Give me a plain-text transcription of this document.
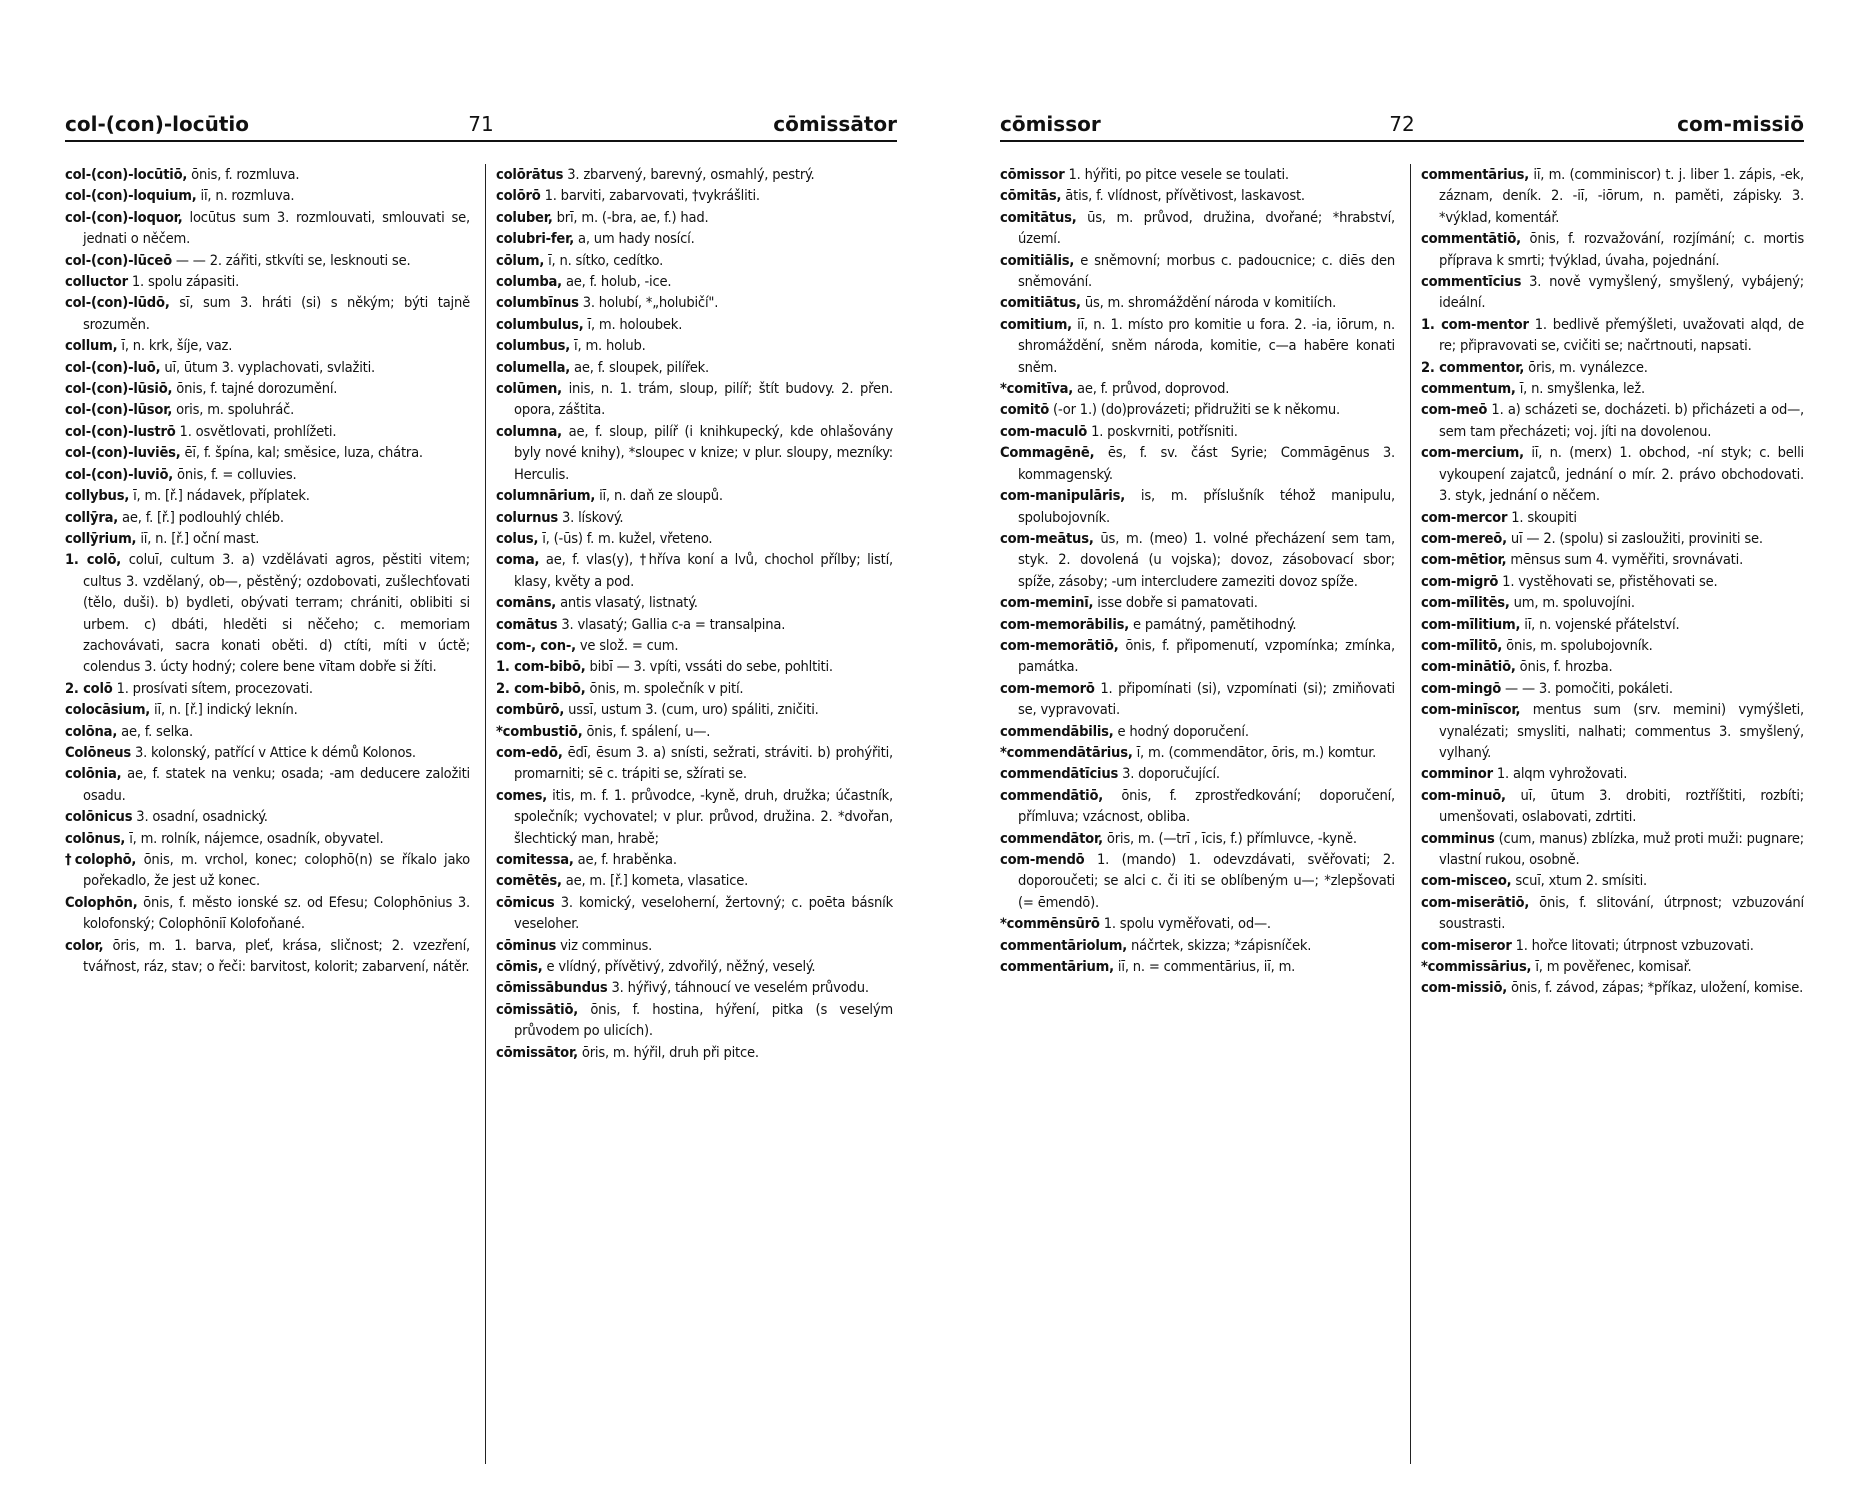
col-(con)-locūtio	71	cōmissātor

col-(con)-locūtiō, ōnis, f. rozmluva.

col-(con)-loquium, iī, n. rozmluva.

col-(con)-loquor, locūtus sum 3. rozmlouvati, smlouvati se, jednati o něčem.

col-(con)-lūceō — — 2. zářiti, stkvíti se, lesknouti se.

colluctor 1. spolu zápasiti.

col-(con)-lūdō, sī, sum 3. hráti (si) s někým; býti tajně srozuměn.

collum, ī, n. krk, šíje, vaz.

col-(con)-luō, uī, ūtum 3. vyplachovati, svlažiti.

col-(con)-lūsiō, ōnis, f. tajné dorozumění.

col-(con)-lūsor, oris, m. spoluhráč.

col-(con)-lustrō 1. osvětlovati, prohlížeti.

col-(con)-luviēs, ēī, f. špína, kal; směsice, luza, chátra.

col-(con)-luviō, ōnis, f. = colluvies.

collybus, ī, m. [ř.] nádavek, příplatek.

collȳra, ae, f. [ř.] podlouhlý chléb.

collȳrium, iī, n. [ř.] oční mast.

1. colō, coluī, cultum 3. a) vzdělávati agros, pěstiti vitem; cultus 3. vzdělaný, ob—, pěstěný; ozdobovati, zušlechťovati (tělo, duši). b) bydleti, obývati terram; chrániti, oblibiti si urbem. c) dbáti, hleděti si něčeho; c. memoriam zachovávati, sacra konati oběti. d) ctíti, míti v úctě; colendus 3. úcty hodný; colere bene vītam dobře si žíti.

2. colō 1. prosívati sítem, procezovati.

colocāsium, iī, n. [ř.] indický leknín.

colōna, ae, f. selka.

Colōneus 3. kolonský, patřící v Attice k démů Kolonos.

colōnia, ae, f. statek na venku; osada; -am deducere založiti osadu.

colōnicus 3. osadní, osadnický.

colōnus, ī, m. rolník, nájemce, osadník, obyvatel.

†colophō, ōnis, m. vrchol, konec; colophō(n) se říkalo jako pořekadlo, že jest už konec.

Colophōn, ōnis, f. město ionské sz. od Efesu; Colophōnius 3. kolofonský; Colophōniī Kolofoňané.

color, ōris, m. 1. barva, pleť, krása, sličnost; 2. vzezření, tvářnost, ráz, stav; o řeči: barvitost, kolorit; zabarvení, nátěr.

colōrātus 3. zbarvený, barevný, osmahlý, pestrý.

colōrō 1. barviti, zabarvovati, †vykrášliti.

coluber, brī, m. (-bra, ae, f.) had.

colubri-fer, a, um hady nosící.

cōlum, ī, n. sítko, cedítko.

columba, ae, f. holub, -ice.

columbīnus 3. holubí, *„holubičí".

columbulus, ī, m. holoubek.

columbus, ī, m. holub.

columella, ae, f. sloupek, pilířek.

colūmen, inis, n. 1. trám, sloup, pilíř; štít budovy. 2. přen. opora, záštita.

columna, ae, f. sloup, pilíř (i knihkupecký, kde ohlašovány byly nové knihy), *sloupec v knize; v plur. sloupy, mezníky: Herculis.

columnārium, iī, n. daň ze sloupů.

colurnus 3. lískový.

colus, ī, (-ūs) f. m. kužel, vřeteno.

coma, ae, f. vlas(y), †hříva koní a lvů, chochol přílby; listí, klasy, květy a pod.

comāns, antis vlasatý, listnatý.

comātus 3. vlasatý; Gallia c-a = transalpina.

com-, con-, ve slož. = cum.

1. com-bibō, bibī — 3. vpíti, vssáti do sebe, pohltiti.

2. com-bibō, ōnis, m. společník v pití.

combūrō, ussī, ustum 3. (cum, uro) spáliti, zničiti.

*combustiō, ōnis, f. spálení, u—.

com-edō, ēdī, ēsum 3. a) snísti, sežrati, stráviti. b) prohýřiti, promarniti; sē c. trápiti se, sžírati se.

comes, itis, m. f. 1. průvodce, -kyně, druh, družka; účastník, společník; vychovatel; v plur. průvod, družina. 2. *dvořan, šlechtický man, hrabě;

comitessa, ae, f. hraběnka.

comētēs, ae, m. [ř.] kometa, vlasatice.

cōmicus 3. komický, veseloherní, žertovný; c. poēta básník veseloher.

cōminus viz comminus.

cōmis, e vlídný, přívětivý, zdvořilý, něžný, veselý.

cōmissābundus 3. hýřivý, táhnoucí ve veselém průvodu.

cōmissātiō, ōnis, f. hostina, hýření, pitka (s veselým průvodem po ulicích).

cōmissātor, ōris, m. hýřil, druh při pitce.

cōmissor	72	com-missiō

cōmissor 1. hýřiti, po pitce vesele se toulati.

cōmitās, ātis, f. vlídnost, přívětivost, laskavost.

comitātus, ūs, m. průvod, družina, dvořané; *hrabství, území.

comitiālis, e sněmovní; morbus c. padoucnice; c. diēs den sněmování.

comitiātus, ūs, m. shromáždění národa v komitiích.

comitium, iī, n. 1. místo pro komitie u fora. 2. -ia, iōrum, n. shromáždění, sněm národa, komitie, c—a habēre konati sněm.

*comitīva, ae, f. průvod, doprovod.

comitō (-or 1.) (do)provázeti; přidružiti se k někomu.

com-maculō 1. poskvrniti, potřísniti.

Commagēnē, ēs, f. sv. část Syrie; Commāgēnus 3. kommagenský.

com-manipulāris, is, m. příslušník téhož manipulu, spolubojovník.

com-meātus, ūs, m. (meo) 1. volné přecházení sem tam, styk. 2. dovolená (u vojska); dovoz, zásobovací sbor; spíže, zásoby; -um intercludere zameziti dovoz spíže.

com-meminī, isse dobře si pamatovati.

com-memorābilis, e památný, pamětihodný.

com-memorātiō, ōnis, f. připomenutí, vzpomínka; zmínka, památka.

com-memorō 1. připomínati (si), vzpomínati (si); zmiňovati se, vypravovati.

commendābilis, e hodný doporučení.

*commendātārius, ī, m. (commendātor, ōris, m.) komtur.

commendātīcius 3. doporučující.

commendātiō, ōnis, f. zprostředkování; doporučení, přímluva; vzácnost, obliba.

commendātor, ōris, m. (—trī , īcis, f.) přímluvce, -kyně.

com-mendō 1. (mando) 1. odevzdávati, svěřovati; 2. doporoučeti; se alci c. či iti se oblíbeným u—; *zlepšovati (= ēmendō).

*commēnsūrō 1. spolu vyměřovati, od—.

commentāriolum, náčrtek, skizza; *zápisníček.

commentārium, iī, n. = commentārius, iī, m.

commentārius, iī, m. (comminiscor) t. j. liber 1. zápis, -ek, záznam, deník. 2. -iī, -iōrum, n. paměti, zápisky. 3. *výklad, komentář.

commentātiō, ōnis, f. rozvažování, rozjímání; c. mortis příprava k smrti; †výklad, úvaha, pojednání.

commentīcius 3. nově vymyšlený, smyšlený, vybájený; ideální.

1. com-mentor 1. bedlivě přemýšleti, uvažovati alqd, de re; připravovati se, cvičiti se; načrtnouti, napsati.

2. commentor, ōris, m. vynálezce.

commentum, ī, n. smyšlenka, lež.

com-meō 1. a) scházeti se, docházeti. b) přicházeti a od—, sem tam přecházeti; voj. jíti na dovolenou.

com-mercium, iī, n. (merx) 1. obchod, -ní styk; c. belli vykoupení zajatců, jednání o mír. 2. právo obchodovati. 3. styk, jednání o něčem.

com-mercor 1. skoupiti

com-mereō, uī — 2. (spolu) si zasloužiti, proviniti se.

com-mētior, mēnsus sum 4. vyměřiti, srovnávati.

com-migrō 1. vystěhovati se, přistěhovati se.

com-mīlitēs, um, m. spoluvojíni.

com-mīlitium, iī, n. vojenské přátelství.

com-mīlitō, ōnis, m. spolubojovník.

com-minātiō, ōnis, f. hrozba.

com-mingō — — 3. pomočiti, pokáleti.

com-minīscor, mentus sum (srv. memini) vymýšleti, vynalézati; smysliti, nalhati; commentus 3. smyšlený, vylhaný.

comminor 1. alqm vyhrožovati.

com-minuō, uī, ūtum 3. drobiti, roztříštiti, rozbíti; umenšovati, oslabovati, zdrtiti.

comminus (cum, manus) zblízka, muž proti muži: pugnare; vlastní rukou, osobně.

com-misceo, scuī, xtum 2. smísiti.

com-miserātiō, ōnis, f. slitování, útrpnost; vzbuzování soustrasti.

com-miseror 1. hořce litovati; útrpnost vzbuzovati.

*commissārius, ī, m pověřenec, komisař.

com-missiō, ōnis, f. závod, zápas; *příkaz, uložení, komise.
